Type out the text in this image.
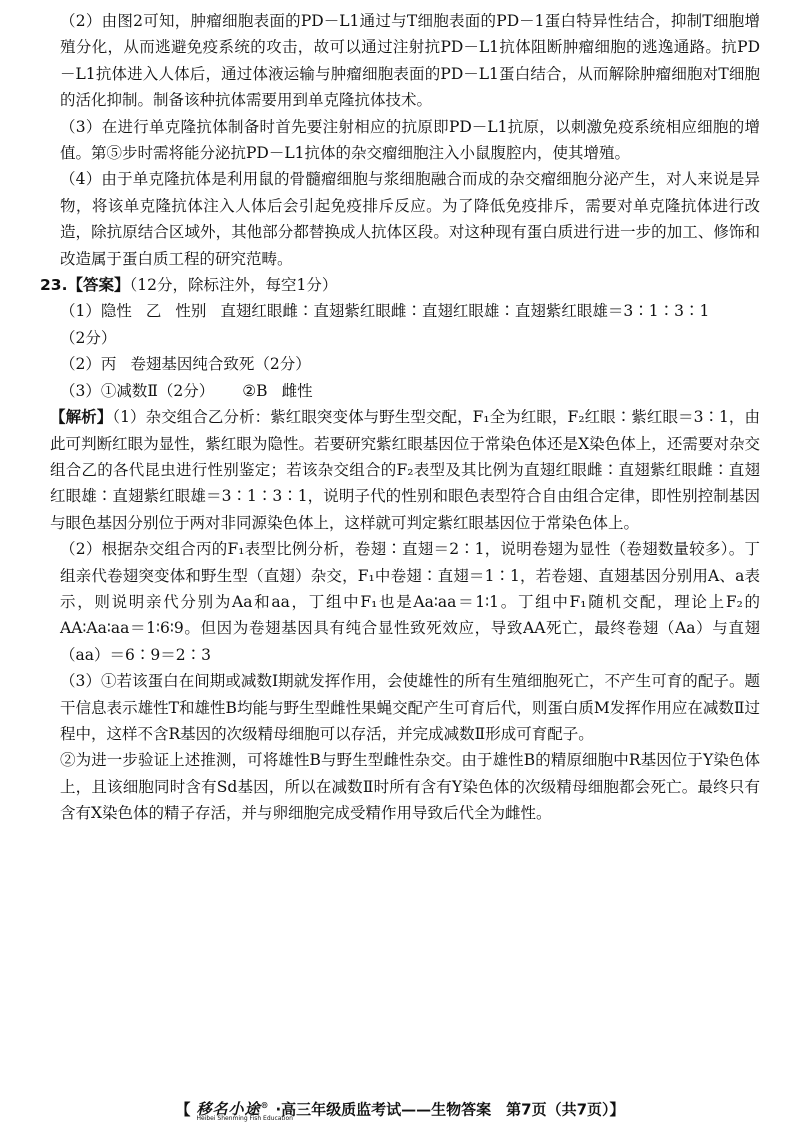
（2）由图2可知，肿瘤细胞表面的PD－L1通过与T细胞表面的PD－1蛋白特异性结合，抑制T细胞增殖分化，从而逃避免疫系统的攻击，故可以通过注射抗PD－L1抗体阻断肿瘤细胞的逃逸通路。抗PD－L1抗体进入人体后，通过体液运输与肿瘤细胞表面的PD－L1蛋白结合，从而解除肿瘤细胞对T细胞的活化抑制。制备该种抗体需要用到单克隆抗体技术。

（3）在进行单克隆抗体制备时首先要注射相应的抗原即PD－L1抗原，以刺激免疫系统相应细胞的增值。第⑤步时需将能分泌抗PD－L1抗体的杂交瘤细胞注入小鼠腹腔内，使其增殖。

（4）由于单克隆抗体是利用鼠的骨髓瘤细胞与浆细胞融合而成的杂交瘤细胞分泌产生，对人来说是异物，将该单克隆抗体注入人体后会引起免疫排斥反应。为了降低免疫排斥，需要对单克隆抗体进行改造，除抗原结合区域外，其他部分都替换成人抗体区段。对这种现有蛋白质进行进一步的加工、修饰和改造属于蛋白质工程的研究范畴。

23.【答案】（12分，除标注外，每空1分）
（1）隐性 乙 性别 直翅红眼雌∶直翅紫红眼雌∶直翅红眼雄∶直翅紫红眼雄＝3∶1∶3∶1
（2分）
（2）丙 卷翅基因纯合致死（2分）
（3）①减数Ⅱ（2分） ②B 雌性

【解析】（1）杂交组合乙分析：紫红眼突变体与野生型交配，F₁全为红眼，F₂红眼∶紫红眼＝3∶1，由此可判断红眼为显性，紫红眼为隐性。若要研究紫红眼基因位于常染色体还是X染色体上，还需要对杂交组合乙的各代昆虫进行性别鉴定；若该杂交组合的F₂表型及其比例为直翅红眼雌∶直翅紫红眼雌∶直翅红眼雄∶直翅紫红眼雄＝3∶1∶3∶1，说明子代的性别和眼色表型符合自由组合定律，即性别控制基因与眼色基因分别位于两对非同源染色体上，这样就可判定紫红眼基因位于常染色体上。

（2）根据杂交组合丙的F₁表型比例分析，卷翅∶直翅＝2∶1，说明卷翅为显性（卷翅数量较多）。丁组亲代卷翅突变体和野生型（直翅）杂交，F₁中卷翅∶直翅＝1∶1，若卷翅、直翅基因分别用A、a表示，则说明亲代分别为Aa和aa，丁组中F₁也是Aa∶aa＝1∶1。丁组中F₁随机交配，理论上F₂的AA∶Aa∶aa＝1∶6∶9。但因为卷翅基因具有纯合显性致死效应，导致AA死亡，最终卷翅（Aa）与直翅（aa）＝6∶9＝2∶3

（3）①若该蛋白在间期或减数Ⅰ期就发挥作用，会使雄性的所有生殖细胞死亡，不产生可育的配子。题干信息表示雄性T和雄性B均能与野生型雌性果蝇交配产生可育后代，则蛋白质M发挥作用应在减数Ⅱ过程中，这样不含R基因的次级精母细胞可以存活，并完成减数Ⅱ形成可育配子。

②为进一步验证上述推测，可将雄性B与野生型雌性杂交。由于雄性B的精原细胞中R基因位于Y染色体上，且该细胞同时含有Sd基因，所以在减数Ⅱ时所有含有Y染色体的次级精母细胞都会死亡。最终只有含有X染色体的精子存活，并与卵细胞完成受精作用导致后代全为雌性。

【 移名小途®
Heibei Shenming Fish Education
·高三年级质监考试——生物答案　第7页（共7页）】
